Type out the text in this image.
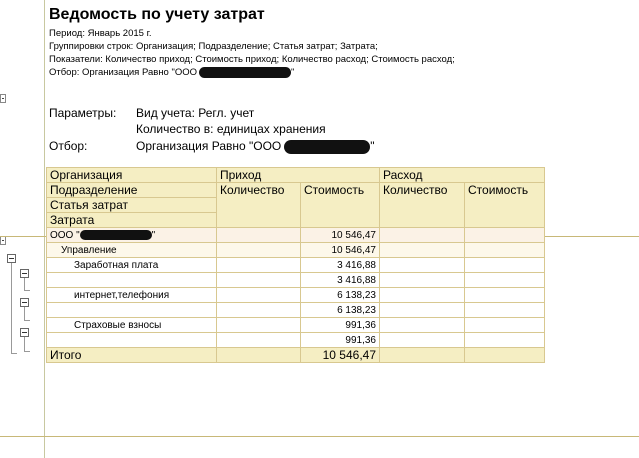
Ведомость по учету затрат
Период: Январь 2015 г.
Группировки строк: Организация; Подразделение; Статья затрат; Затрата;
Показатели: Количество приход; Стоимость приход; Количество расход; Стоимость расход;
Отбор: Организация Равно "ООО	"
Параметры: Вид учета: Регл. учет
Количество в: единицах хранения
Отбор:	Организация Равно "ООО	"
Организация	Приход		Расход	
Подразделение	Количество	Стоимость	Количество	Стоимость
Статья затрат				
Затрата				
ООО " "		10 546,47		
Управление		10 546,47		
Заработная плата		3 416,88		
		3 416,88		
интернет,телефония		6 138,23		
		6 138,23		
Страховые взносы		991,36		
		991,36		
Итого		10 546,47		
